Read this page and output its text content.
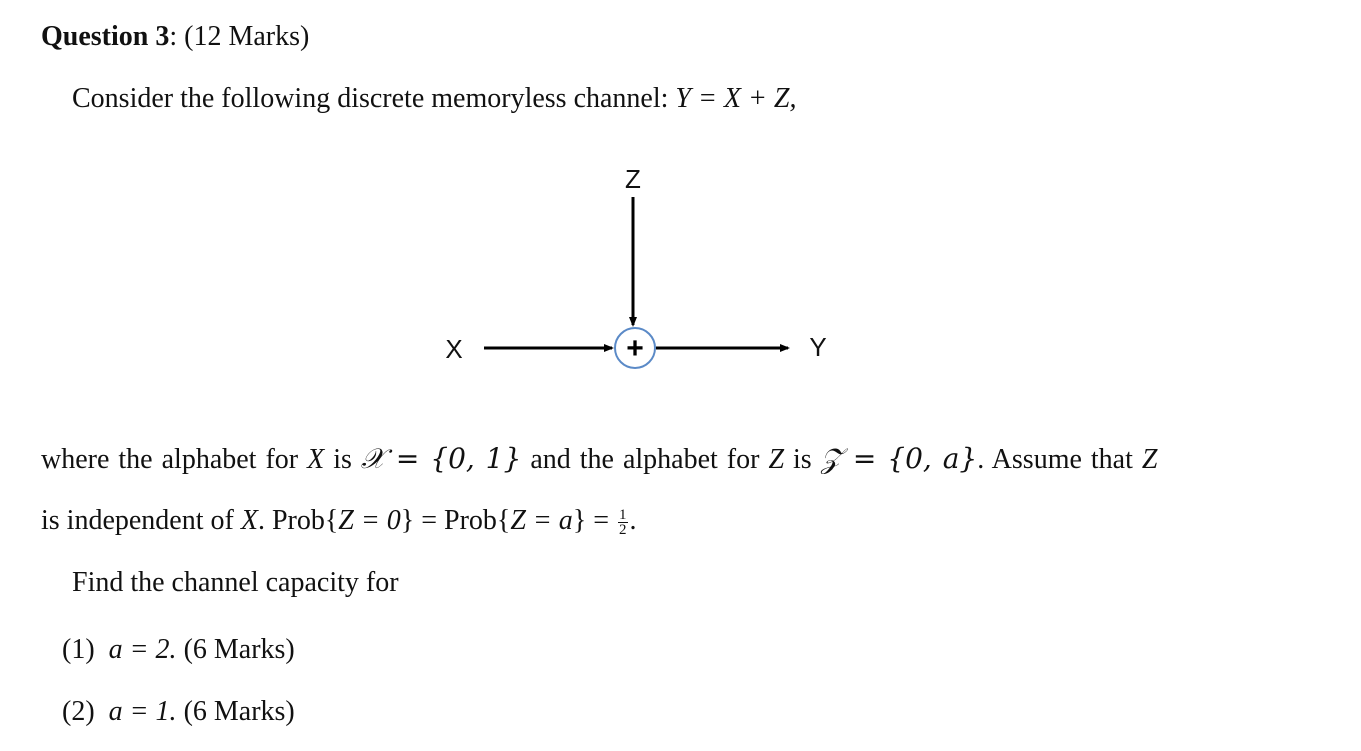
Question 3: (12 Marks)
Consider the following discrete memoryless channel: Y = X + Z,
Z
X	+	Y
where the alphabet for X is 𝒳 = {0, 1} and the alphabet for Z is 𝒵 = {0, a}. Assume that Z
is independent of X. Prob{Z = 0} = Prob{Z = $a\} = \frac{1}{2}$ .
Find the channel capacity for
(1) a = 2. (6 Marks)
(2) a = 1. (6 Marks)
